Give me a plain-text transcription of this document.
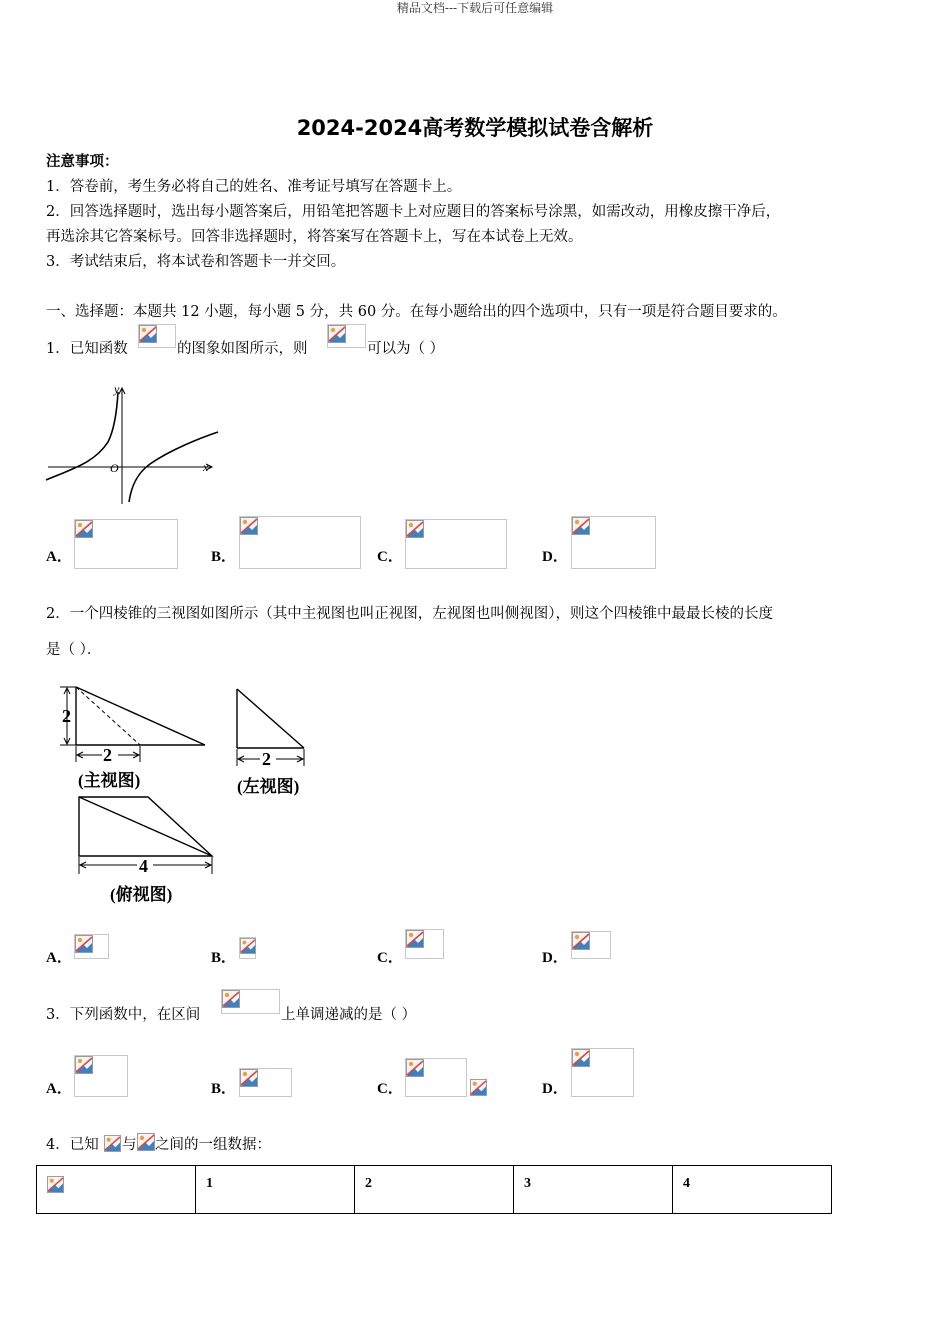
精品文档---下载后可任意编辑
2024-2024高考数学模拟试卷含解析
注意事项：
1．答卷前，考生务必将自己的姓名、准考证号填写在答题卡上。
2．回答选择题时，选出每小题答案后，用铅笔把答题卡上对应题目的答案标号涂黑，如需改动，用橡皮擦干净后，
再选涂其它答案标号。回答非选择题时，将答案写在答题卡上，写在本试卷上无效。
3．考试结束后，将本试卷和答题卡一并交回。
一、选择题：本题共 12 小题，每小题 5 分，共 60 分。在每小题给出的四个选项中，只有一项是符合题目要求的。
1．已知函数	的图象如图所示，则	可以为（ ）
y
x
O
A．	B．	C．	D．
2．一个四棱锥的三视图如图所示（其中主视图也叫正视图，左视图也叫侧视图），则这个四棱锥中最最长棱的长度
是（ ）．
2
2
(主视图)
2
(左视图)
4
(俯视图)
A．	B．	C．	D．
3．下列函数中，在区间	上单调递减的是（ ）
A．	B．	C．	D．
4．已知 与 之间的一组数据：
	1	2	3	4
